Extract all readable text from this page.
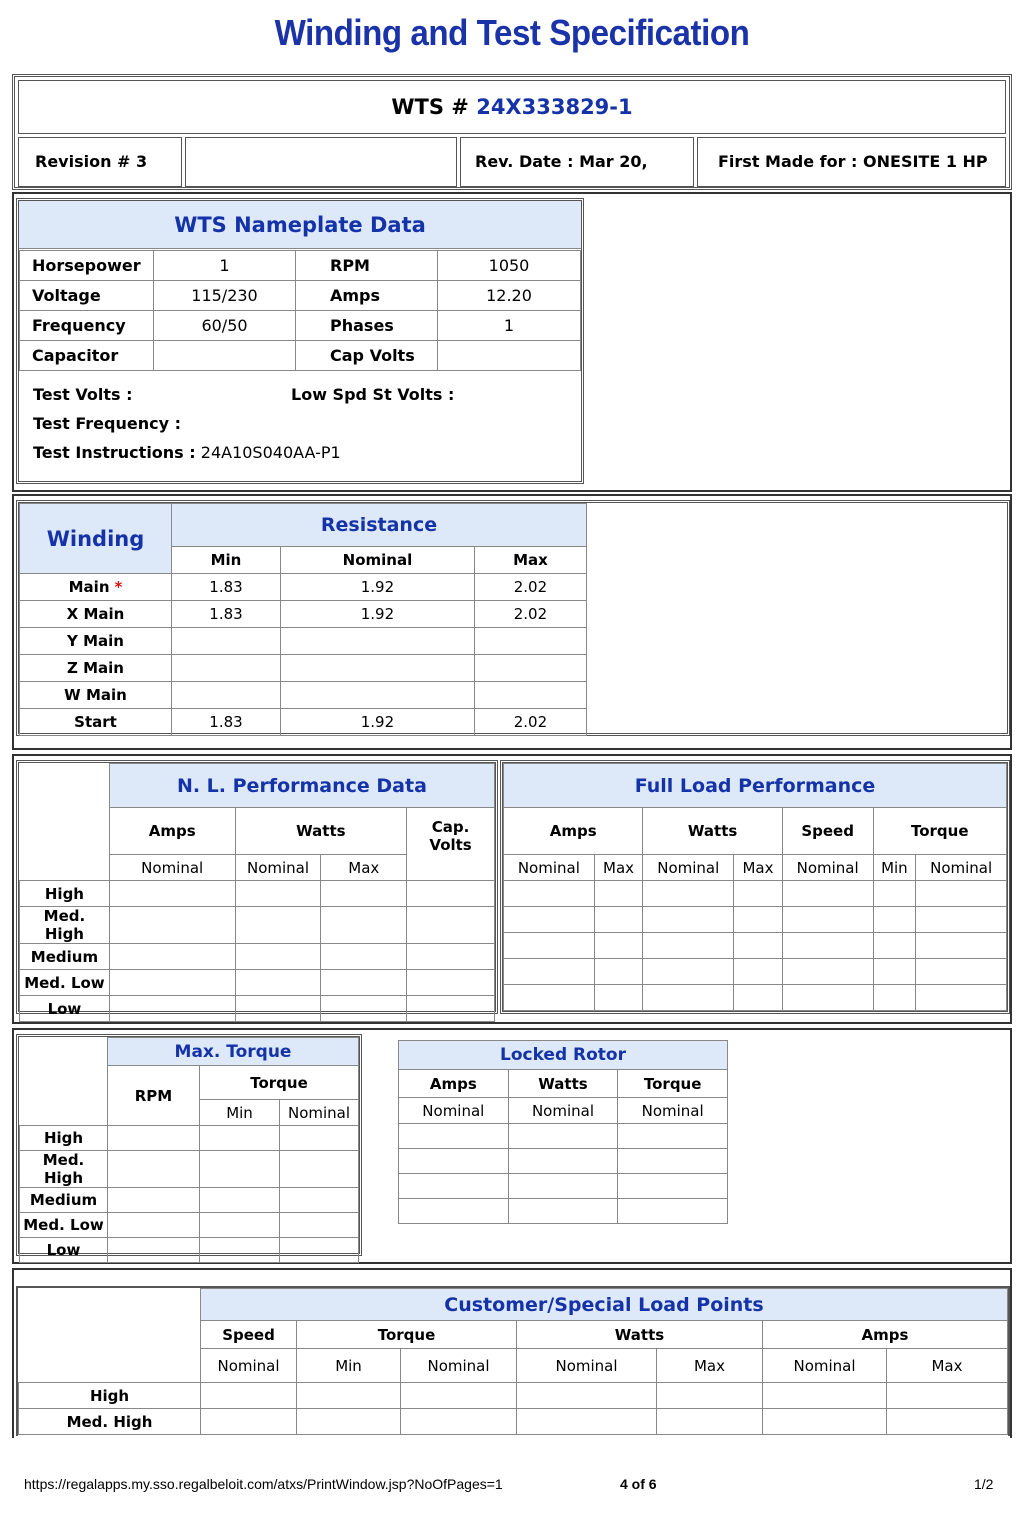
Winding and Test Specification
WTS # 24X333829-1
Revision # 3	Rev. Date : Mar 20,	First Made for : ONESITE 1 HP
WTS Nameplate Data
Horsepower	1	RPM	1050
Voltage	115/230	Amps	12.20
Frequency	60/50	Phases	1
Capacitor		Cap Volts	
Test Volts :	Low Spd St Volts :
Test Frequency :
Test Instructions : 24A10S040AA-P1
Winding	Resistance		
	Min	Nominal	Max
Main *	1.83	1.92	2.02
X Main	1.83	1.92	2.02
Y Main			
Z Main			
W Main			
Start	1.83	1.92	2.02
	N. L. Performance Data			
	Amps	Watts		Cap. Volts
	Nominal	Nominal	Max	
High				
Med. High				
Medium				
Med. Low				
Low				
Full Load Performance						
Amps		Watts		Speed	Torque	
Nominal	Max	Nominal	Max	Nominal	Min	Nominal

	Max. Torque		
	RPM	Torque	
		Min	Nominal
High			
Med. High			
Medium			
Med. Low			
Low			
Locked Rotor		
Amps	Watts	Torque
Nominal	Nominal	Nominal

	Customer/Special Load Points						
	Speed	Torque		Watts		Amps	
	Nominal	Min	Nominal	Nominal	Max	Nominal	Max
High							
Med. High							
https://regalapps.my.sso.regalbeloit.com/atxs/PrintWindow.jsp?NoOfPages=1	4 of 6	1/2
